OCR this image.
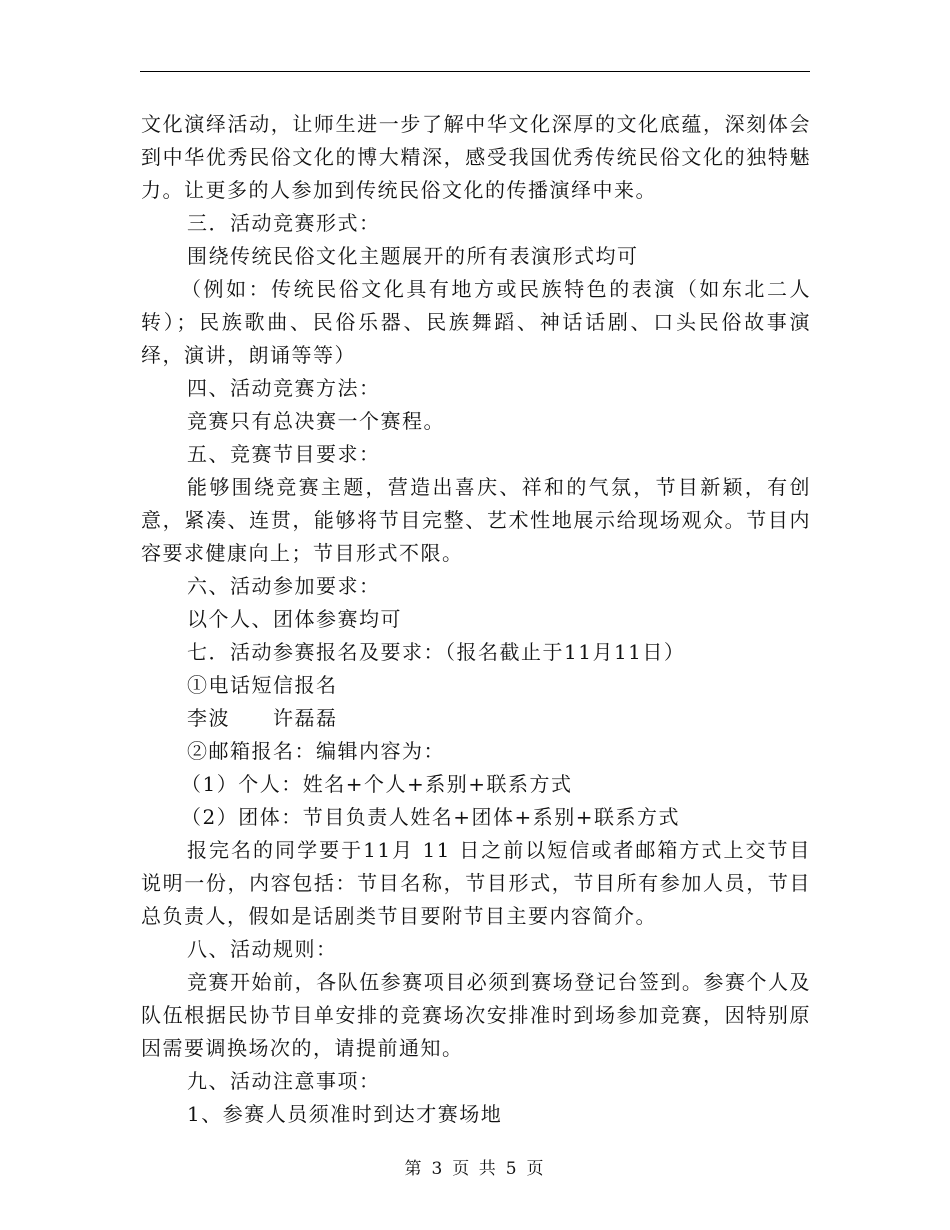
文化演绎活动，让师生进一步了解中华文化深厚的文化底蕴，深刻体会到中华优秀民俗文化的博大精深，感受我国优秀传统民俗文化的独特魅力。让更多的人参加到传统民俗文化的传播演绎中来。

三．活动竞赛形式：

围绕传统民俗文化主题展开的所有表演形式均可

（例如：传统民俗文化具有地方或民族特色的表演（如东北二人转）；民族歌曲、民俗乐器、民族舞蹈、神话话剧、口头民俗故事演绎，演讲，朗诵等等）

四、活动竞赛方法：

竞赛只有总决赛一个赛程。

五、竞赛节目要求：

能够围绕竞赛主题，营造出喜庆、祥和的气氛，节目新颖，有创意，紧凑、连贯，能够将节目完整、艺术性地展示给现场观众。节目内容要求健康向上；节目形式不限。

六、活动参加要求：

以个人、团体参赛均可

七．活动参赛报名及要求：（报名截止于11月11日）

①电话短信报名

李波　　许磊磊

②邮箱报名：编辑内容为：

（1）个人：姓名+个人+系别+联系方式

（2）团体：节目负责人姓名+团体+系别+联系方式

报完名的同学要于11月 11 日之前以短信或者邮箱方式上交节目说明一份，内容包括：节目名称，节目形式，节目所有参加人员，节目总负责人，假如是话剧类节目要附节目主要内容简介。

八、活动规则：

竞赛开始前，各队伍参赛项目必须到赛场登记台签到。参赛个人及队伍根据民协节目单安排的竞赛场次安排准时到场参加竞赛，因特别原因需要调换场次的，请提前通知。

九、活动注意事项：

1、参赛人员须准时到达才赛场地

第 3 页 共 5 页
